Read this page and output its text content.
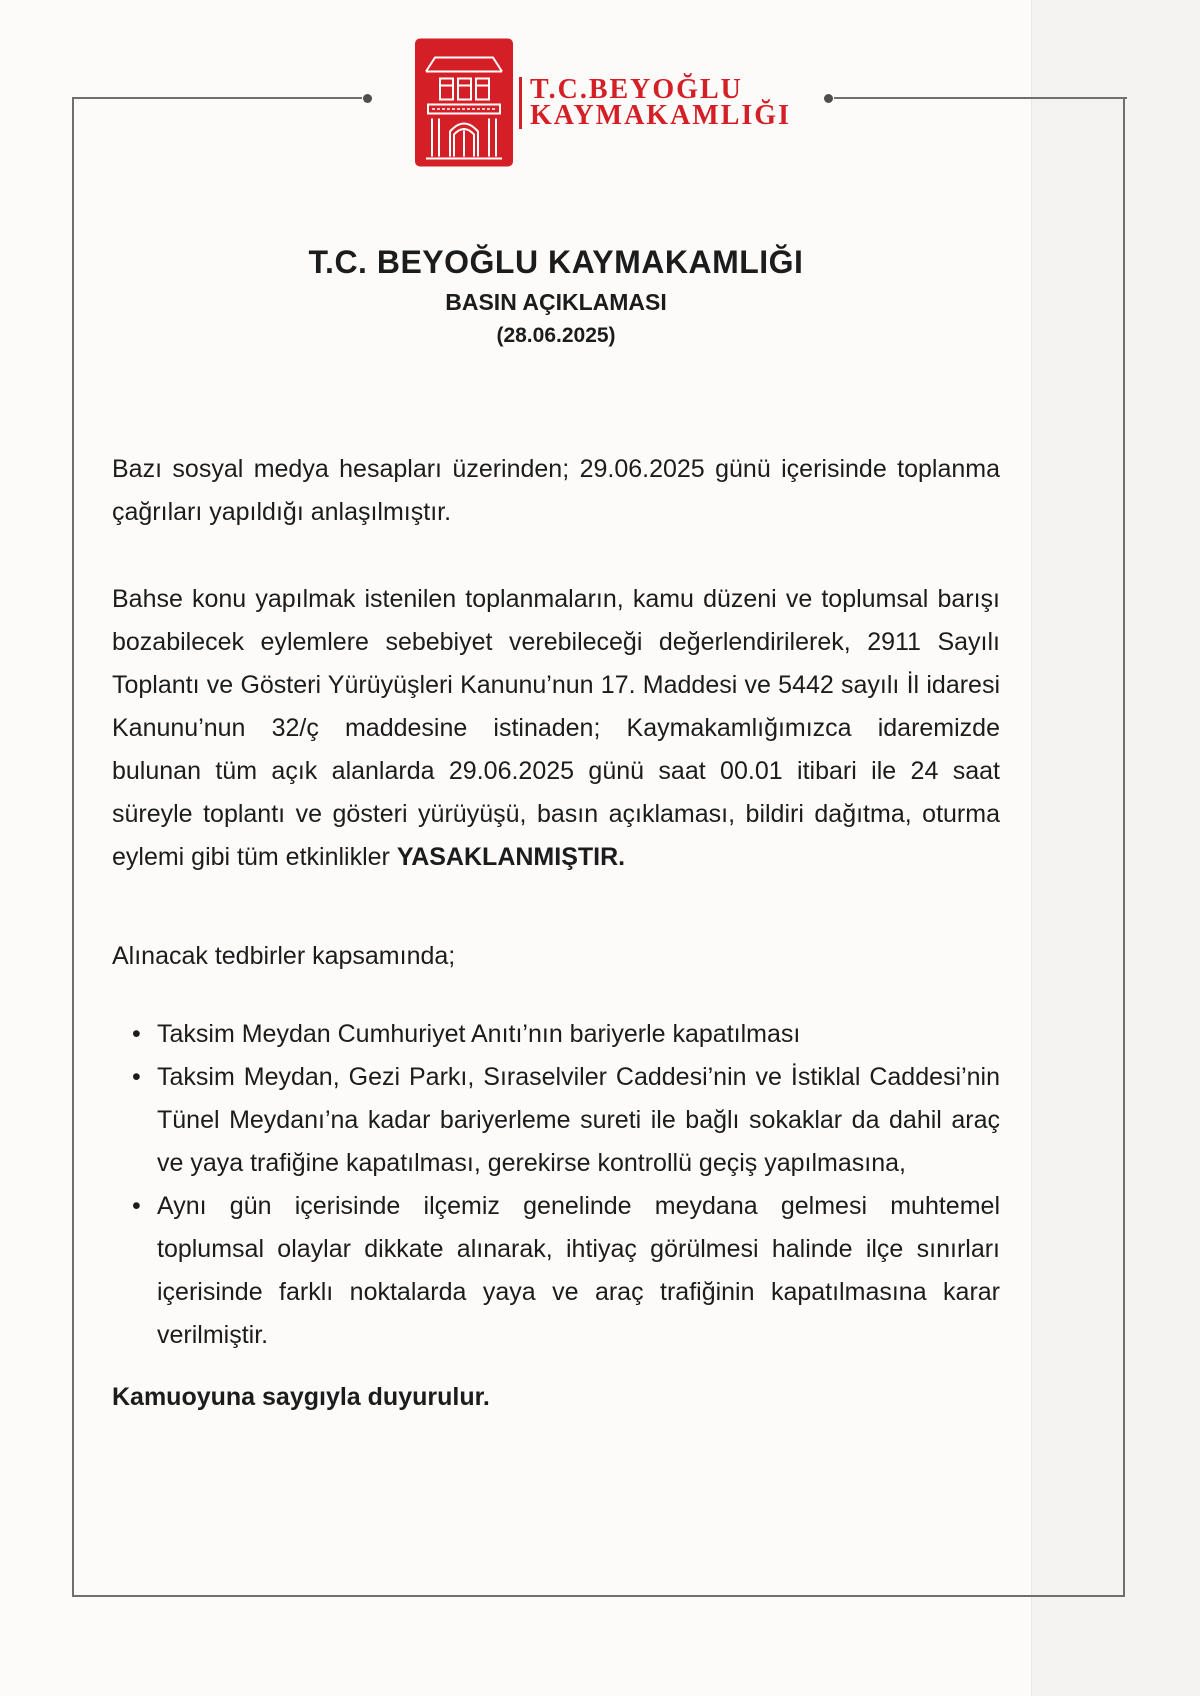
T.C.BEYOĞLU
KAYMAKAMLIĞI

T.C. BEYOĞLU KAYMAKAMLIĞI

BASIN AÇIKLAMASI

(28.06.2025)

Bazı sosyal medya hesapları üzerinden; 29.06.2025 günü içerisinde toplanma çağrıları yapıldığı anlaşılmıştır.

Bahse konu yapılmak istenilen toplanmaların, kamu düzeni ve toplumsal barışı bozabilecek eylemlere sebebiyet verebileceği değerlendirilerek, 2911 Sayılı Toplantı ve Gösteri Yürüyüşleri Kanunu’nun 17. Maddesi ve 5442 sayılı İl idaresi Kanunu’nun 32/ç maddesine istinaden; Kaymakamlığımızca idaremizde bulunan tüm açık alanlarda 29.06.2025 günü saat 00.01 itibari ile 24 saat süreyle toplantı ve gösteri yürüyüşü, basın açıklaması, bildiri dağıtma, oturma eylemi gibi tüm etkinlikler YASAKLANMIŞTIR.

Alınacak tedbirler kapsamında;

• Taksim Meydan Cumhuriyet Anıtı’nın bariyerle kapatılması
• Taksim Meydan, Gezi Parkı, Sıraselviler Caddesi’nin ve İstiklal Caddesi’nin Tünel Meydanı’na kadar bariyerleme sureti ile bağlı sokaklar da dahil araç ve yaya trafiğine kapatılması, gerekirse kontrollü geçiş yapılmasına,
• Aynı gün içerisinde ilçemiz genelinde meydana gelmesi muhtemel toplumsal olaylar dikkate alınarak, ihtiyaç görülmesi halinde ilçe sınırları içerisinde farklı noktalarda yaya ve araç trafiğinin kapatılmasına karar verilmiştir.

Kamuoyuna saygıyla duyurulur.
